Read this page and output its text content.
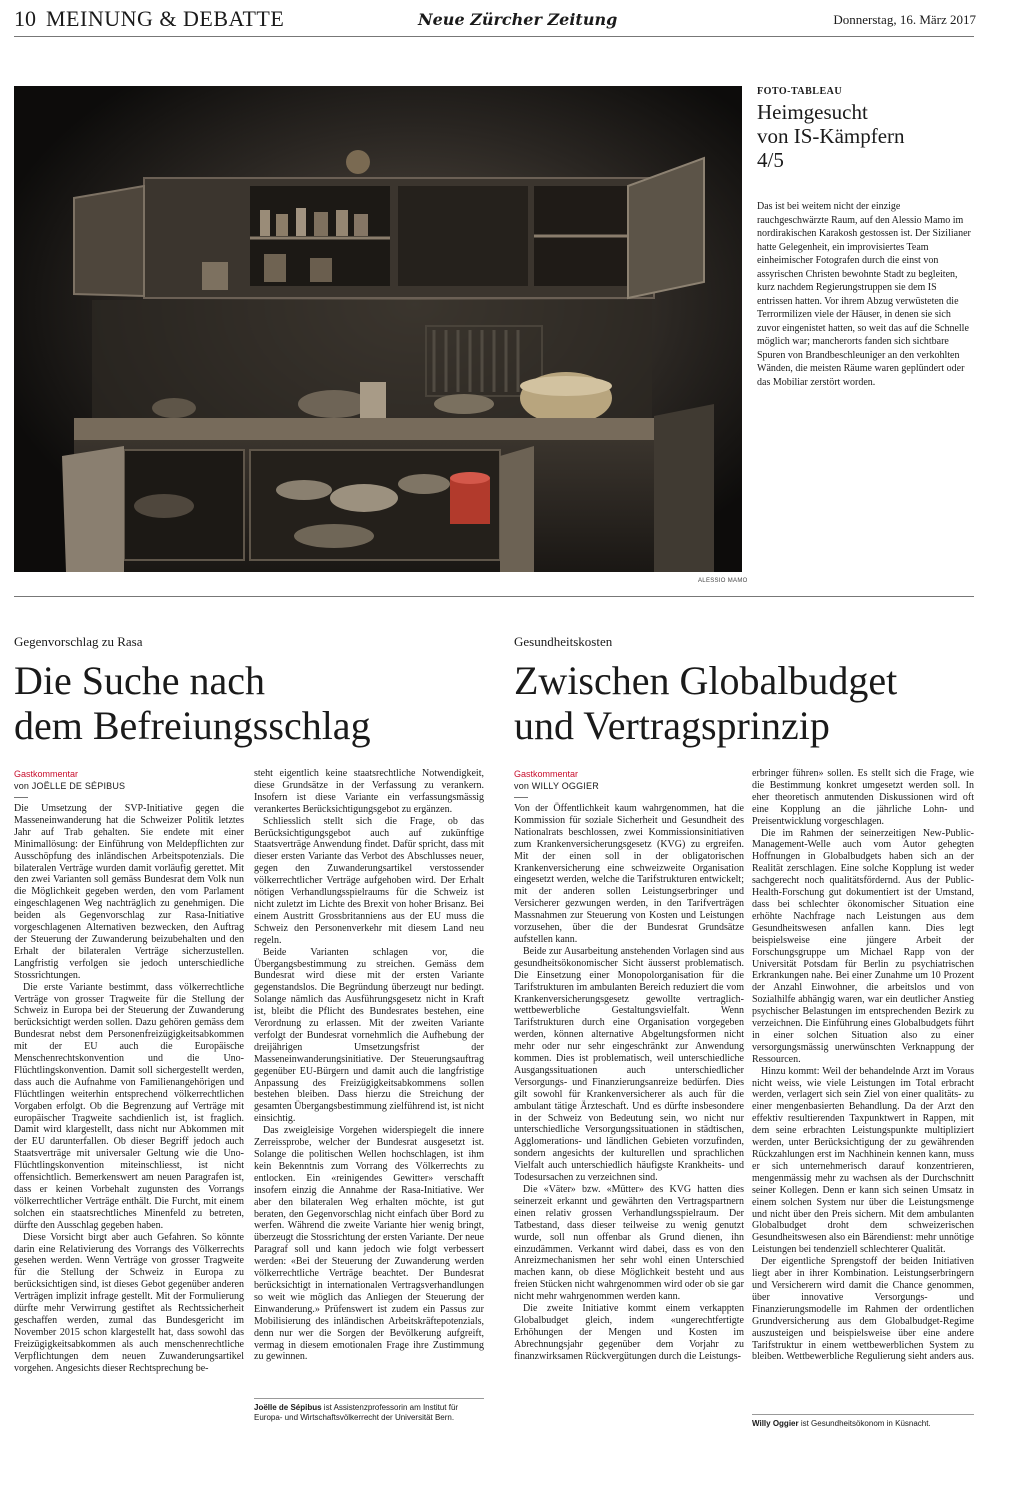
10 MEINUNG & DEBATTE	Neue Zürcher Zeitung	Donnerstag, 16. März 2017
ALESSIO MAMO
FOTO-TABLEAU
Heimgesucht
von IS-Kämpfern
4/5
Das ist bei weitem nicht der einzige rauchgeschwärzte Raum, auf den Alessio Mamo im nordirakischen Karakosh gestossen ist. Der Sizilianer hatte Gelegenheit, ein improvisiertes Team einheimischer Fotografen durch die einst von assyrischen Christen bewohnte Stadt zu begleiten, kurz nachdem Regierungstruppen sie dem IS entrissen hatten. Vor ihrem Abzug verwüsteten die Terrormilizen viele der Häuser, in denen sie sich zuvor eingenistet hatten, so weit das auf die Schnelle möglich war; mancherorts fanden sich sichtbare Spuren von Brandbeschleuniger an den verkohlten Wänden, die meisten Räume waren geplündert oder das Mobiliar zerstört worden.
Gegenvorschlag zu Rasa
Die Suche nach
dem Befreiungsschlag
Gastkommentar
von JOËLLE DE SÉPIBUS

Die Umsetzung der SVP-Initiative gegen die Masseneinwanderung hat die Schweizer Politik letztes Jahr auf Trab gehalten. Sie endete mit einer Minimallösung: der Einführung von Meldepflichten zur Ausschöpfung des inländischen Arbeitspotenzials. Die bilateralen Verträge wurden damit vorläufig gerettet. Mit den zwei Varianten soll gemäss Bundesrat dem Volk nun die Möglichkeit gegeben werden, den vom Parlament eingeschlagenen Weg nachträglich zu genehmigen. Die beiden als Gegenvorschlag zur Rasa-Initiative vorgeschlagenen Alternativen bezwecken, den Auftrag der Steuerung der Zuwanderung beizubehalten und den Erhalt der bilateralen Verträge sicherzustellen. Langfristig verfolgen sie jedoch unterschiedliche Stossrichtungen.

Die erste Variante bestimmt, dass völkerrechtliche Verträge von grosser Tragweite für die Stellung der Schweiz in Europa bei der Steuerung der Zuwanderung berücksichtigt werden sollen. Dazu gehören gemäss dem Bundesrat nebst dem Personenfreizügigkeitsabkommen mit der EU auch die Europäische Menschenrechtskonvention und die Uno-Flüchtlingskonvention. Damit soll sichergestellt werden, dass auch die Aufnahme von Familienangehörigen und Flüchtlingen weiterhin entsprechend völkerrechtlichen Vorgaben erfolgt. Ob die Begrenzung auf Verträge mit europäischer Tragweite sachdienlich ist, ist fraglich. Damit wird klargestellt, dass nicht nur Abkommen mit der EU darunterfallen. Ob dieser Begriff jedoch auch Staatsverträge mit universaler Geltung wie die Uno-Flüchtlingskonvention miteinschliesst, ist nicht offensichtlich. Bemerkenswert am neuen Paragrafen ist, dass er keinen Vorbehalt zugunsten des Vorrangs völkerrechtlicher Verträge enthält. Die Furcht, mit einem solchen ein staatsrechtliches Minenfeld zu betreten, dürfte den Ausschlag gegeben haben.

Diese Vorsicht birgt aber auch Gefahren. So könnte darin eine Relativierung des Vorrangs des Völkerrechts gesehen werden. Wenn Verträge von grosser Tragweite für die Stellung der Schweiz in Europa zu berücksichtigen sind, ist dieses Gebot gegenüber anderen Verträgen implizit infrage gestellt. Mit der Formulierung dürfte mehr Verwirrung gestiftet als Rechtssicherheit geschaffen werden, zumal das Bundesgericht im November 2015 schon klargestellt hat, dass sowohl das Freizügigkeitsabkommen als auch menschenrechtliche Verpflichtungen dem neuen Zuwanderungsartikel vorgehen. Angesichts dieser Rechtsprechung be-

steht eigentlich keine staatsrechtliche Notwendigkeit, diese Grundsätze in der Verfassung zu verankern. Insofern ist diese Variante ein verfassungsmässig verankertes Berücksichtigungsgebot zu ergänzen.

Schliesslich stellt sich die Frage, ob das Berücksichtigungsgebot auch auf zukünftige Staatsverträge Anwendung findet. Dafür spricht, dass mit dieser ersten Variante das Verbot des Abschlusses neuer, gegen den Zuwanderungsartikel verstossender völkerrechtlicher Verträge aufgehoben wird. Der Erhalt nötigen Verhandlungsspielraums für die Schweiz ist nicht zuletzt im Lichte des Brexit von hoher Brisanz. Bei einem Austritt Grossbritanniens aus der EU muss die Schweiz den Personenverkehr mit diesem Land neu regeln.

Beide Varianten schlagen vor, die Übergangsbestimmung zu streichen. Gemäss dem Bundesrat wird diese mit der ersten Variante gegenstandslos. Die Begründung überzeugt nur bedingt. Solange nämlich das Ausführungsgesetz nicht in Kraft ist, bleibt die Pflicht des Bundesrates bestehen, eine Verordnung zu erlassen. Mit der zweiten Variante verfolgt der Bundesrat vornehmlich die Aufhebung der dreijährigen Umsetzungsfrist der Masseneinwanderungsinitiative. Der Steuerungsauftrag gegenüber EU-Bürgern und damit auch die langfristige Anpassung des Freizügigkeitsabkommens sollen bestehen bleiben. Dass hierzu die Streichung der gesamten Übergangsbestimmung zielführend ist, ist nicht einsichtig.

Das zweigleisige Vorgehen widerspiegelt die innere Zerreissprobe, welcher der Bundesrat ausgesetzt ist. Solange die politischen Wellen hochschlagen, ist ihm kein Bekenntnis zum Vorrang des Völkerrechts zu entlocken. Ein «reinigendes Gewitter» verschafft insofern einzig die Annahme der Rasa-Initiative. Wer aber den bilateralen Weg erhalten möchte, ist gut beraten, den Gegenvorschlag nicht einfach über Bord zu werfen. Während die zweite Variante hier wenig bringt, überzeugt die Stossrichtung der ersten Variante. Der neue Paragraf soll und kann jedoch wie folgt verbessert werden: «Bei der Steuerung der Zuwanderung werden völkerrechtliche Verträge beachtet. Der Bundesrat berücksichtigt in internationalen Vertragsverhandlungen so weit wie möglich das Anliegen der Steuerung der Einwanderung.» Prüfenswert ist zudem ein Passus zur Mobilisierung des inländischen Arbeitskräftepotenzials, denn nur wer die Sorgen der Bevölkerung aufgreift, vermag in diesem emotionalen Frage ihre Zustimmung zu gewinnen.

Joëlle de Sépibus ist Assistenzprofessorin am Institut für Europa- und Wirtschaftsvölkerrecht der Universität Bern.
Gesundheitskosten
Zwischen Globalbudget
und Vertragsprinzip
Gastkommentar
von WILLY OGGIER

Von der Öffentlichkeit kaum wahrgenommen, hat die Kommission für soziale Sicherheit und Gesundheit des Nationalrats beschlossen, zwei Kommissionsinitiativen zum Krankenversicherungsgesetz (KVG) zu ergreifen. Mit der einen soll in der obligatorischen Krankenversicherung eine schweizweite Organisation eingesetzt werden, welche die Tarifstrukturen entwickelt; mit der anderen sollen Leistungserbringer und Versicherer gezwungen werden, in den Tarifverträgen Massnahmen zur Steuerung von Kosten und Leistungen vorzusehen, über die der Bundesrat Grundsätze aufstellen kann.

Beide zur Ausarbeitung anstehenden Vorlagen sind aus gesundheitsökonomischer Sicht äusserst problematisch. Die Einsetzung einer Monopolorganisation für die Tarifstrukturen im ambulanten Bereich reduziert die vom Krankenversicherungsgesetz gewollte vertraglich-wettbewerbliche Gestaltungsvielfalt. Wenn Tarifstrukturen durch eine Organisation vorgegeben werden, können alternative Abgeltungsformen nicht mehr oder nur sehr eingeschränkt zur Anwendung kommen. Dies ist problematisch, weil unterschiedliche Ausgangssituationen auch unterschiedlicher Versorgungs- und Finanzierungsanreize bedürfen. Dies gilt sowohl für Krankenversicherer als auch für die ambulant tätige Ärzteschaft. Und es dürfte insbesondere in der Schweiz von Bedeutung sein, wo nicht nur unterschiedliche Versorgungssituationen in städtischen, Agglomerations- und ländlichen Gebieten vorzufinden, sondern angesichts der kulturellen und sprachlichen Vielfalt auch unterschiedlich häufigste Krankheits- und Todesursachen zu verzeichnen sind.

Die «Väter» bzw. «Mütter» des KVG hatten dies seinerzeit erkannt und gewährten den Vertragspartnern einen relativ grossen Verhandlungsspielraum. Der Tatbestand, dass dieser teilweise zu wenig genutzt wurde, soll nun offenbar als Grund dienen, ihn einzudämmen. Verkannt wird dabei, dass es von den Anreizmechanismen her sehr wohl einen Unterschied machen kann, ob diese Möglichkeit besteht und aus freien Stücken nicht wahrgenommen wird oder ob sie gar nicht mehr wahrgenommen werden kann.

Die zweite Initiative kommt einem verkappten Globalbudget gleich, indem «ungerechtfertigte Erhöhungen der Mengen und Kosten im Abrechnungsjahr gegenüber dem Vorjahr zu finanzwirksamen Rückvergütungen durch die Leistungs-

erbringer führen» sollen. Es stellt sich die Frage, wie die Bestimmung konkret umgesetzt werden soll. In eher theoretisch anmutenden Diskussionen wird oft eine Kopplung an die jährliche Lohn- und Preisentwicklung vorgeschlagen.

Die im Rahmen der seinerzeitigen New-Public-Management-Welle auch vom Autor gehegten Hoffnungen in Globalbudgets haben sich an der Realität zerschlagen. Eine solche Kopplung ist weder sachgerecht noch qualitätsfördernd. Aus der Public-Health-Forschung gut dokumentiert ist der Umstand, dass bei schlechter ökonomischer Situation eine erhöhte Nachfrage nach Leistungen aus dem Gesundheitswesen anfallen kann. Dies legt beispielsweise eine jüngere Arbeit der Forschungsgruppe um Michael Rapp von der Universität Potsdam für Berlin zu psychiatrischen Erkrankungen nahe. Bei einer Zunahme um 10 Prozent der Anzahl Einwohner, die arbeitslos und von Sozialhilfe abhängig waren, war ein deutlicher Anstieg psychischer Belastungen im entsprechenden Bezirk zu verzeichnen. Die Einführung eines Globalbudgets führt in einer solchen Situation also zu einer versorgungsmässig unerwünschten Verknappung der Ressourcen.

Hinzu kommt: Weil der behandelnde Arzt im Voraus nicht weiss, wie viele Leistungen im Total erbracht werden, verlagert sich sein Ziel von einer qualitäts- zu einer mengenbasierten Behandlung. Da der Arzt den effektiv resultierenden Taxpunktwert in Rappen, mit dem seine erbrachten Leistungspunkte multipliziert werden, unter Berücksichtigung der zu gewährenden Rückzahlungen erst im Nachhinein kennen kann, muss er sich unternehmerisch darauf konzentrieren, mengenmässig mehr zu wachsen als der Durchschnitt seiner Kollegen. Denn er kann sich seinen Umsatz in einem solchen System nur über die Leistungsmenge und nicht über den Preis sichern. Mit dem ambulanten Globalbudget droht dem schweizerischen Gesundheitswesen also ein Bärendienst: mehr unnötige Leistungen bei tendenziell schlechterer Qualität.

Der eigentliche Sprengstoff der beiden Initiativen liegt aber in ihrer Kombination. Leistungserbringern und Versicherern wird damit die Chance genommen, über innovative Versorgungs- und Finanzierungsmodelle im Rahmen der ordentlichen Grundversicherung aus dem Globalbudget-Regime auszusteigen und beispielsweise über eine andere Tarifstruktur in einem wettbewerblichen System zu bleiben. Wettbewerbliche Regulierung sieht anders aus.

Willy Oggier ist Gesundheitsökonom in Küsnacht.
